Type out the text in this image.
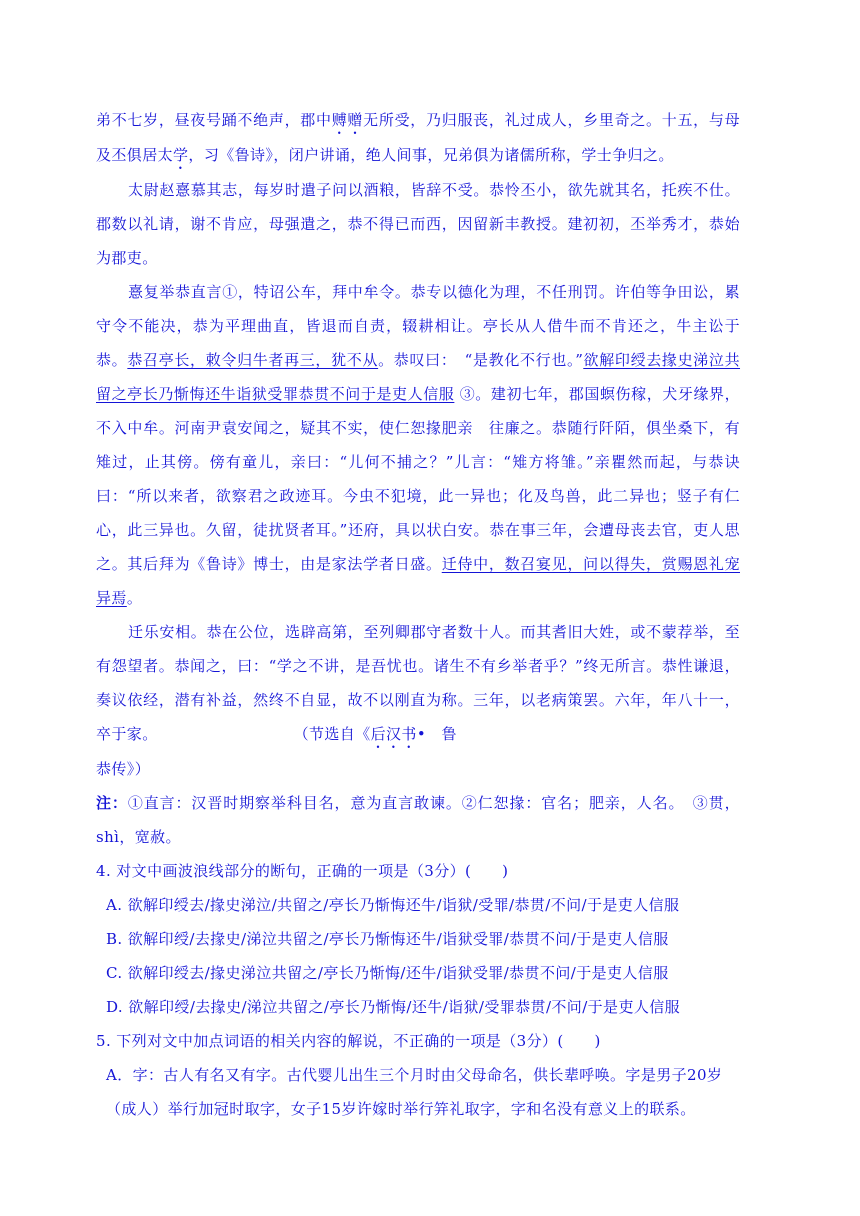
弟不七岁，昼夜号踊不绝声，郡中赙赠无所受，乃归服丧，礼过成人，乡里奇之。十五，与母及丕俱居太学，习《鲁诗》，闭户讲诵，绝人间事，兄弟俱为诸儒所称，学士争归之。

太尉赵憙慕其志，每岁时遣子问以酒粮，皆辞不受。恭怜丕小，欲先就其名，托疾不仕。郡数以礼请，谢不肯应，母强遣之，恭不得已而西，因留新丰教授。建初初，丕举秀才，恭始为郡吏。

憙复举恭直言①，特诏公车，拜中牟令。恭专以德化为理，不任刑罚。许伯等争田讼，累守令不能决，恭为平理曲直，皆退而自责，辍耕相让。亭长从人借牛而不肯还之，牛主讼于恭。恭召亭长，敕令归牛者再三，犹不从。恭叹曰：　“是教化不行也。”欲解印绶去掾史涕泣共留之亭长乃惭悔还牛诣狱受罪恭贯不问于是吏人信服 ③。建初七年，郡国螟伤稼，犬牙缘界，不入中牟。河南尹袁安闻之，疑其不实，使仁恕掾肥亲　往廉之。恭随行阡陌，俱坐桑下，有雉过，止其傍。傍有童儿，亲曰：“儿何不捕之？”儿言：“雉方将雏。”亲瞿然而起，与恭诀曰：“所以来者，欲察君之政迹耳。今虫不犯境，此一异也；化及鸟兽，此二异也；竖子有仁心，此三异也。久留，徒扰贤者耳。”还府，具以状白安。恭在事三年，会遭母丧去官，吏人思之。其后拜为《鲁诗》博士，由是家法学者日盛。迁侍中，数召宴见，问以得失，赏赐恩礼宠异焉。

迁乐安相。恭在公位，选辟高第，至列卿郡守者数十人。而其耆旧大姓，或不蒙荐举，至有怨望者。恭闻之，曰：“学之不讲，是吾忧也。诸生不有乡举者乎？”终无所言。恭性谦退，奏议依经，潜有补益，然终不自显，故不以刚直为称。三年，以老病策罢。六年，年八十一，卒于家。	（节选自《后汉书•　鲁

恭传》）

注：①直言：汉晋时期察举科目名，意为直言敢谏。②仁恕掾：官名；肥亲，人名。　③贯，shì，宽赦。

4. 对文中画波浪线部分的断句，正确的一项是（3分）(　　)

A. 欲解印绶去/掾史涕泣/共留之/亭长乃惭悔还牛/诣狱/受罪/恭贯/不问/于是吏人信服

B. 欲解印绶/去掾史/涕泣共留之/亭长乃惭悔还牛/诣狱受罪/恭贯不问/于是吏人信服

C. 欲解印绶去/掾史涕泣共留之/亭长乃惭悔/还牛/诣狱受罪/恭贯不问/于是吏人信服

D. 欲解印绶/去掾史/涕泣共留之/亭长乃惭悔/还牛/诣狱/受罪恭贯/不问/于是吏人信服

5. 下列对文中加点词语的相关内容的解说，不正确的一项是（3分）(　　)

A．字：古人有名又有字。古代婴儿出生三个月时由父母命名，供长辈呼唤。字是男子20岁（成人）举行加冠时取字，女子15岁许嫁时举行笄礼取字，字和名没有意义上的联系。
